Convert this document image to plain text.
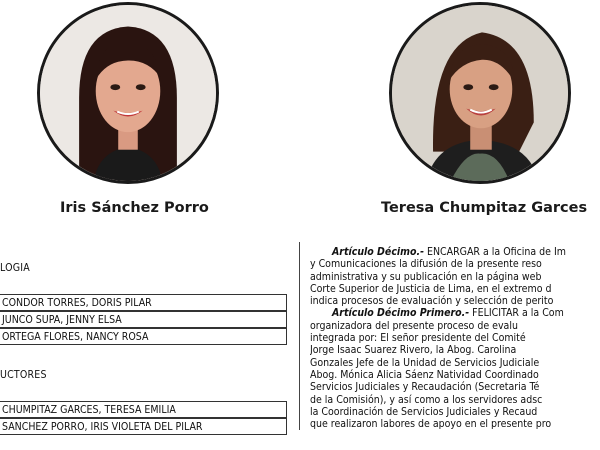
Iris Sánchez Porro	Teresa Chumpitaz Garces
LOGIA
CONDOR TORRES, DORIS PILAR
JUNCO SUPA, JENNY ELSA
ORTEGA FLORES, NANCY ROSA
UCTORES
CHUMPITAZ GARCES, TERESA EMILIA
SANCHEZ PORRO, IRIS VIOLETA DEL PILAR
Artículo Décimo.- ENCARGAR a la Oficina de Im
y Comunicaciones la difusión de la presente reso
administrativa y su publicación en la página web
Corte Superior de Justicia de Lima, en el extremo d
indica procesos de evaluación y selección de perito
Artículo Décimo Primero.- FELICITAR a la Com
organizadora del presente proceso de evalu
integrada por: El señor presidente del Comité
Jorge Isaac Suarez Rivero, la Abog. Carolina
Gonzales Jefe de la Unidad de Servicios Judiciale
Abog. Mónica Alicia Sáenz Natividad Coordinado
Servicios Judiciales y Recaudación (Secretaria Té
de la Comisión), y así como a los servidores adsc
la Coordinación de Servicios Judiciales y Recaud
que realizaron labores de apoyo en el presente pro
